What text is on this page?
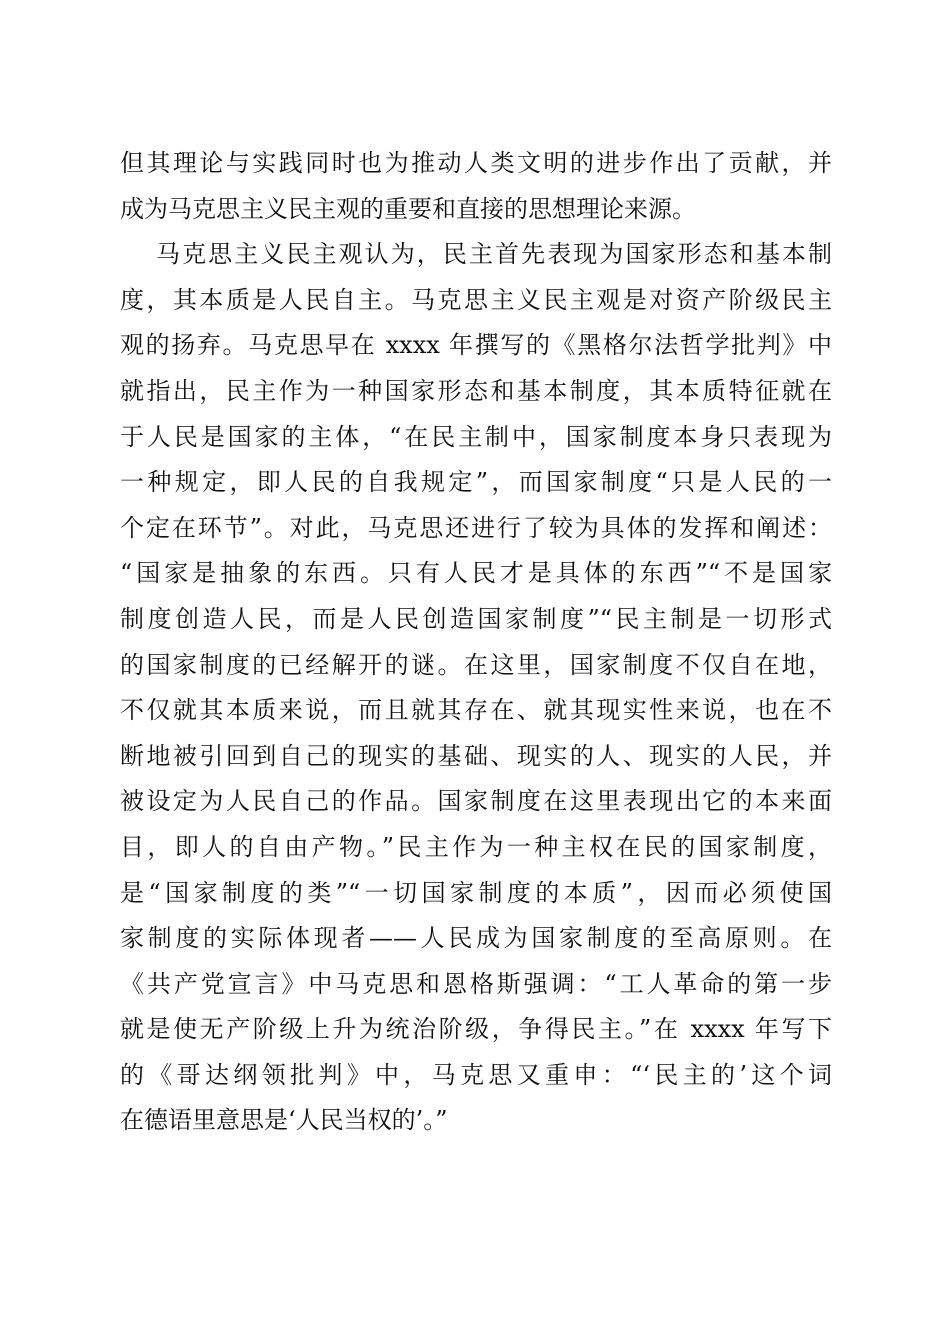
但其理论与实践同时也为推动人类文明的进步作出了贡献，并
成为马克思主义民主观的重要和直接的思想理论来源。
马克思主义民主观认为，民主首先表现为国家形态和基本制
度，其本质是人民自主。马克思主义民主观是对资产阶级民主
观的扬弃。马克思早在 xxxx 年撰写的《黑格尔法哲学批判》中
就指出，民主作为一种国家形态和基本制度，其本质特征就在
于人民是国家的主体，“在民主制中，国家制度本身只表现为
一种规定，即人民的自我规定”，而国家制度“只是人民的一
个定在环节”。对此，马克思还进行了较为具体的发挥和阐述：
“国家是抽象的东西。只有人民才是具体的东西”“不是国家
制度创造人民，而是人民创造国家制度”“民主制是一切形式
的国家制度的已经解开的谜。在这里，国家制度不仅自在地，
不仅就其本质来说，而且就其存在、就其现实性来说，也在不
断地被引回到自己的现实的基础、现实的人、现实的人民，并
被设定为人民自己的作品。国家制度在这里表现出它的本来面
目，即人的自由产物。”民主作为一种主权在民的国家制度，
是“国家制度的类”“一切国家制度的本质”，因而必须使国
家制度的实际体现者——人民成为国家制度的至高原则。在
《共产党宣言》中马克思和恩格斯强调：“工人革命的第一步
就是使无产阶级上升为统治阶级，争得民主。”在 xxxx 年写下
的《哥达纲领批判》中，马克思又重申：“‘民主的’这个词
在德语里意思是‘人民当权的’。”
